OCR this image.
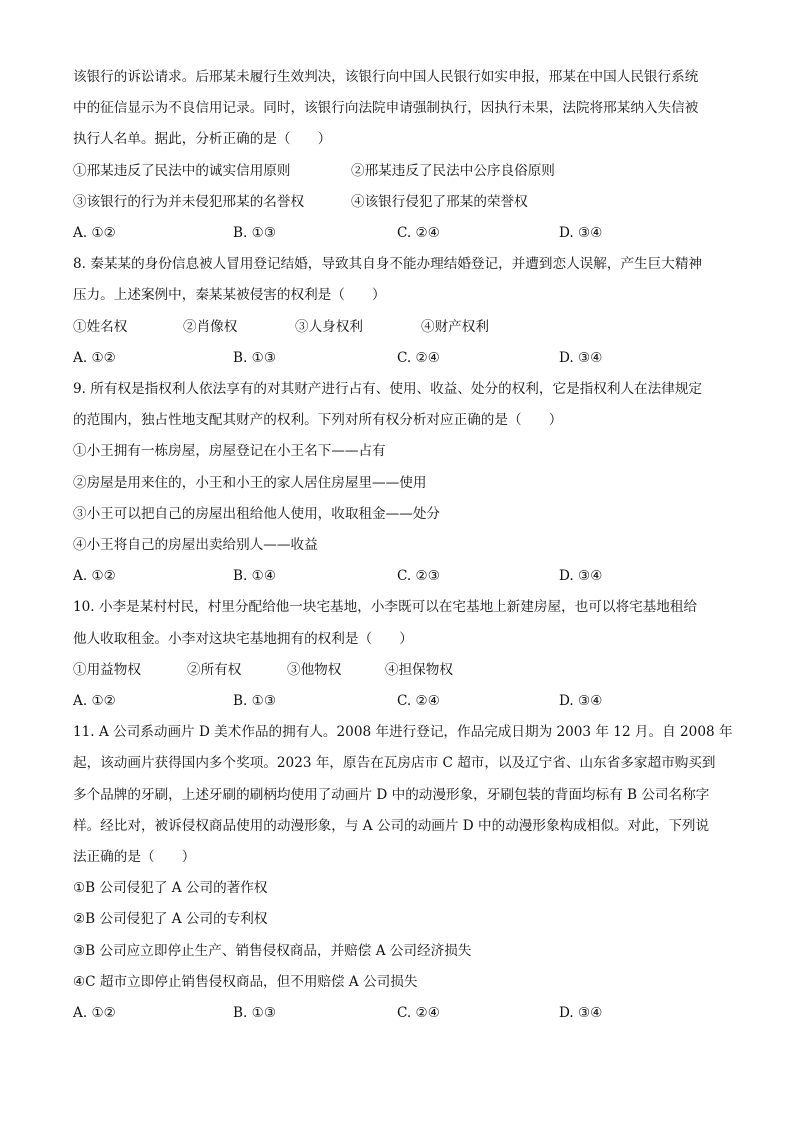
该银行的诉讼请求。后邢某未履行生效判决，该银行向中国人民银行如实申报，邢某在中国人民银行系统
中的征信显示为不良信用记录。同时，该银行向法院申请强制执行，因执行未果，法院将邢某纳入失信被
执行人名单。据此，分析正确的是（　　）
①邢某违反了民法中的诚实信用原则	②邢某违反了民法中公序良俗原则
③该银行的行为并未侵犯邢某的名誉权	④该银行侵犯了邢某的荣誉权
A. ①②	B. ①③	C. ②④	D. ③④
8. 秦某某的身份信息被人冒用登记结婚，导致其自身不能办理结婚登记，并遭到恋人误解，产生巨大精神
压力。上述案例中，秦某某被侵害的权利是（　　）
①姓名权	②肖像权	③人身权利	④财产权利
A. ①②	B. ①③	C. ②④	D. ③④
9. 所有权是指权利人依法享有的对其财产进行占有、使用、收益、处分的权利，它是指权利人在法律规定
的范围内，独占性地支配其财产的权利。下列对所有权分析对应正确的是（　　）
①小王拥有一栋房屋，房屋登记在小王名下——占有
②房屋是用来住的，小王和小王的家人居住房屋里——使用
③小王可以把自己的房屋出租给他人使用，收取租金——处分
④小王将自己的房屋出卖给别人——收益
A. ①②	B. ①④	C. ②③	D. ③④
10. 小李是某村村民，村里分配给他一块宅基地，小李既可以在宅基地上新建房屋，也可以将宅基地租给
他人收取租金。小李对这块宅基地拥有的权利是（　　）
①用益物权	②所有权	③他物权	④担保物权
A. ①②	B. ①③	C. ②④	D. ③④
11. A 公司系动画片 D 美术作品的拥有人。2008 年进行登记，作品完成日期为 2003 年 12 月。自 2008 年
起，该动画片获得国内多个奖项。2023 年，原告在瓦房店市 C 超市，以及辽宁省、山东省多家超市购买到
多个品牌的牙刷，上述牙刷的刷柄均使用了动画片 D 中的动漫形象，牙刷包装的背面均标有 B 公司名称字
样。经比对，被诉侵权商品使用的动漫形象，与 A 公司的动画片 D 中的动漫形象构成相似。对此，下列说
法正确的是（　　）
①B 公司侵犯了 A 公司的著作权
②B 公司侵犯了 A 公司的专利权
③B 公司应立即停止生产、销售侵权商品，并赔偿 A 公司经济损失
④C 超市立即停止销售侵权商品，但不用赔偿 A 公司损失
A. ①②	B. ①③	C. ②④	D. ③④
